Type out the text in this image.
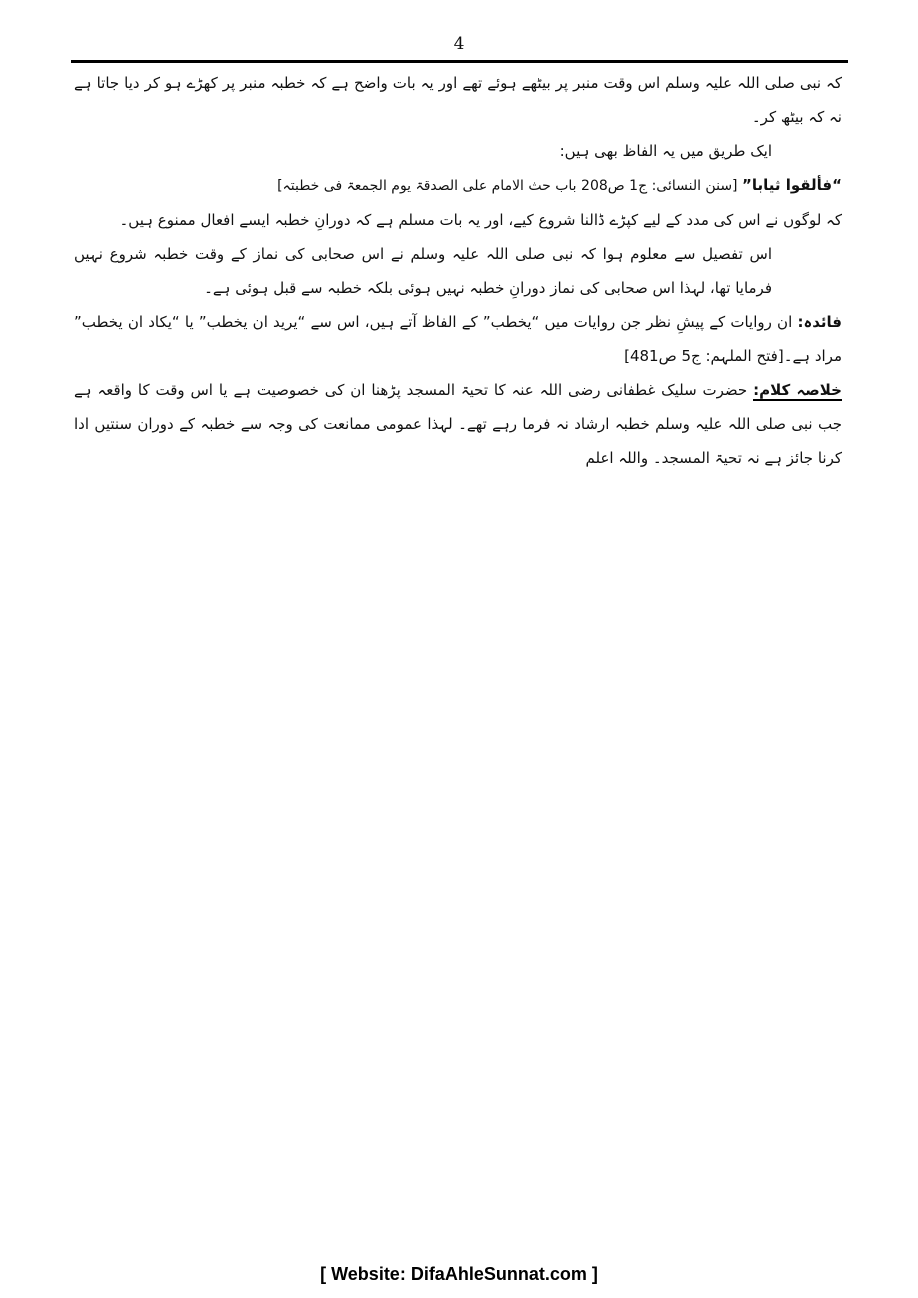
4

کہ نبی صلی اللہ علیہ وسلم اس وقت منبر پر بیٹھے ہوئے تھے اور یہ بات واضح ہے کہ خطبہ منبر پر کھڑے ہو کر دیا جاتا ہے نہ کہ بیٹھ کر۔

ایک طریق میں یہ الفاظ بھی ہیں:

“فألقوا ثيابا” [سنن النسائی: ج1 ص208 باب حث الامام علی الصدقۃ یوم الجمعۃ فی خطبتہ]

کہ لوگوں نے اس کی مدد کے لیے کپڑے ڈالنا شروع کیے، اور یہ بات مسلم ہے کہ دورانِ خطبہ ایسے افعال ممنوع ہیں۔

اس تفصیل سے معلوم ہوا کہ نبی صلی اللہ علیہ وسلم نے اس صحابی کی نماز کے وقت خطبہ شروع نہیں فرمایا تھا، لہذا اس صحابی کی نماز دورانِ خطبہ نہیں ہوئی بلکہ خطبہ سے قبل ہوئی ہے۔

فائدہ: ان روایات کے پیشِ نظر جن روایات میں “یخطب” کے الفاظ آتے ہیں، اس سے “یرید ان یخطب” یا “یکاد ان یخطب” مراد ہے۔[فتح الملہم: ج5 ص481]

خلاصہ کلام: حضرت سلیک غطفانی رضی اللہ عنہ کا تحیۃ المسجد پڑھنا ان کی خصوصیت ہے یا اس وقت کا واقعہ ہے جب نبی صلی اللہ علیہ وسلم خطبہ ارشاد نہ فرما رہے تھے۔ لہذا عمومی ممانعت کی وجہ سے خطبہ کے دوران سنتیں ادا کرنا جائز ہے نہ تحیۃ المسجد۔ واللہ اعلم

[ Website: DifaAhleSunnat.com ]
